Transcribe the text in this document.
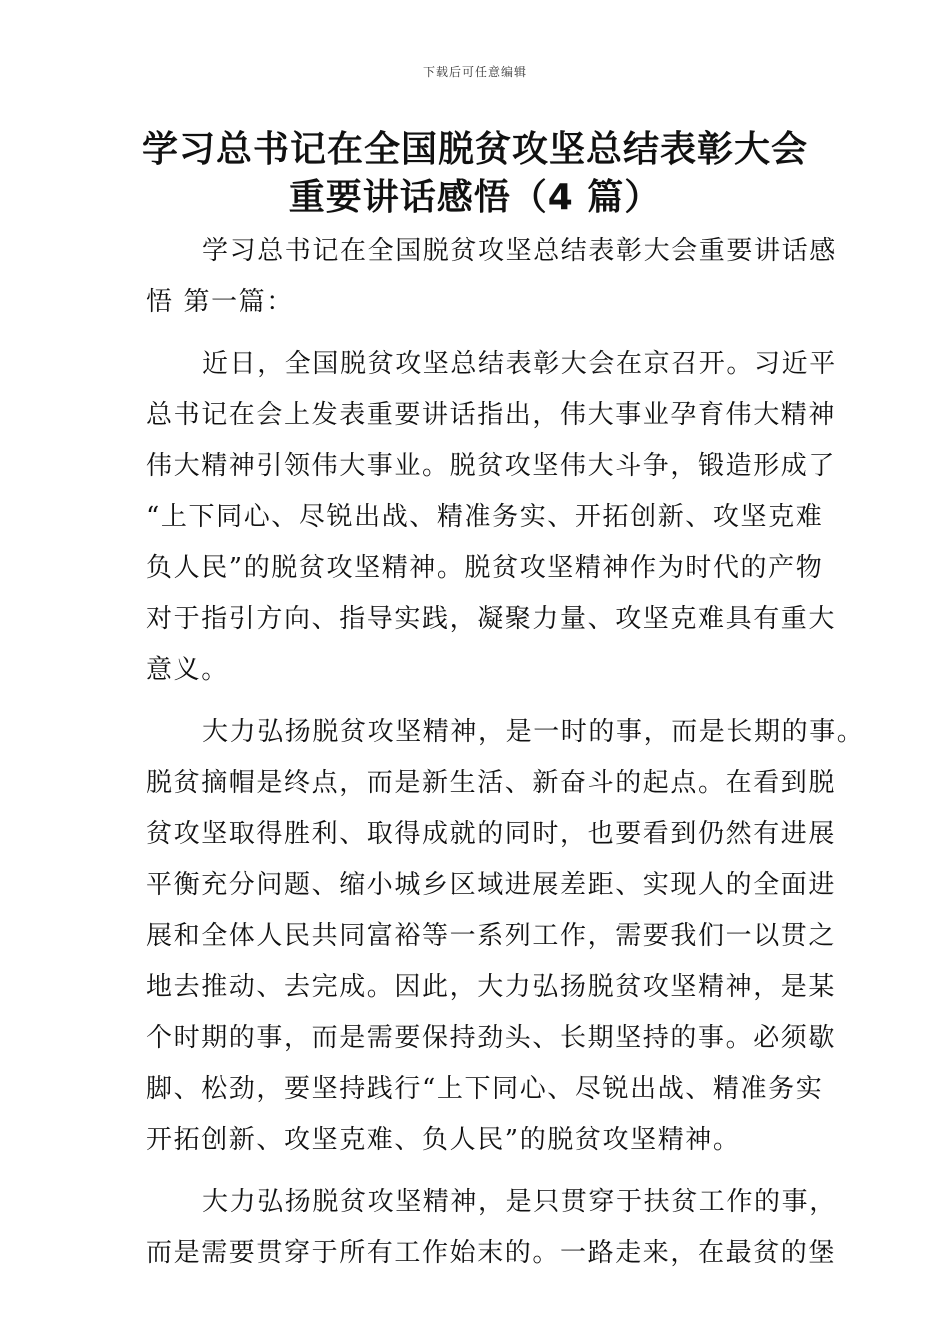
下载后可任意编辑
学习总书记在全国脱贫攻坚总结表彰大会
重要讲话感悟（4 篇）
学习总书记在全国脱贫攻坚总结表彰大会重要讲话感
悟 第一篇：
近日，全国脱贫攻坚总结表彰大会在京召开。习近平
总书记在会上发表重要讲话指出，伟大事业孕育伟大精神
伟大精神引领伟大事业。脱贫攻坚伟大斗争，锻造形成了
“上下同心、尽锐出战、精准务实、开拓创新、攻坚克难
负人民”的脱贫攻坚精神。脱贫攻坚精神作为时代的产物
对于指引方向、指导实践，凝聚力量、攻坚克难具有重大
意义。
大力弘扬脱贫攻坚精神，是一时的事，而是长期的事。
脱贫摘帽是终点，而是新生活、新奋斗的起点。在看到脱
贫攻坚取得胜利、取得成就的同时，也要看到仍然有进展
平衡充分问题、缩小城乡区域进展差距、实现人的全面进
展和全体人民共同富裕等一系列工作，需要我们一以贯之
地去推动、去完成。因此，大力弘扬脱贫攻坚精神，是某
个时期的事，而是需要保持劲头、长期坚持的事。必须歇
脚、松劲，要坚持践行“上下同心、尽锐出战、精准务实
开拓创新、攻坚克难、负人民”的脱贫攻坚精神。
大力弘扬脱贫攻坚精神，是只贯穿于扶贫工作的事，
而是需要贯穿于所有工作始末的。一路走来，在最贫的堡
